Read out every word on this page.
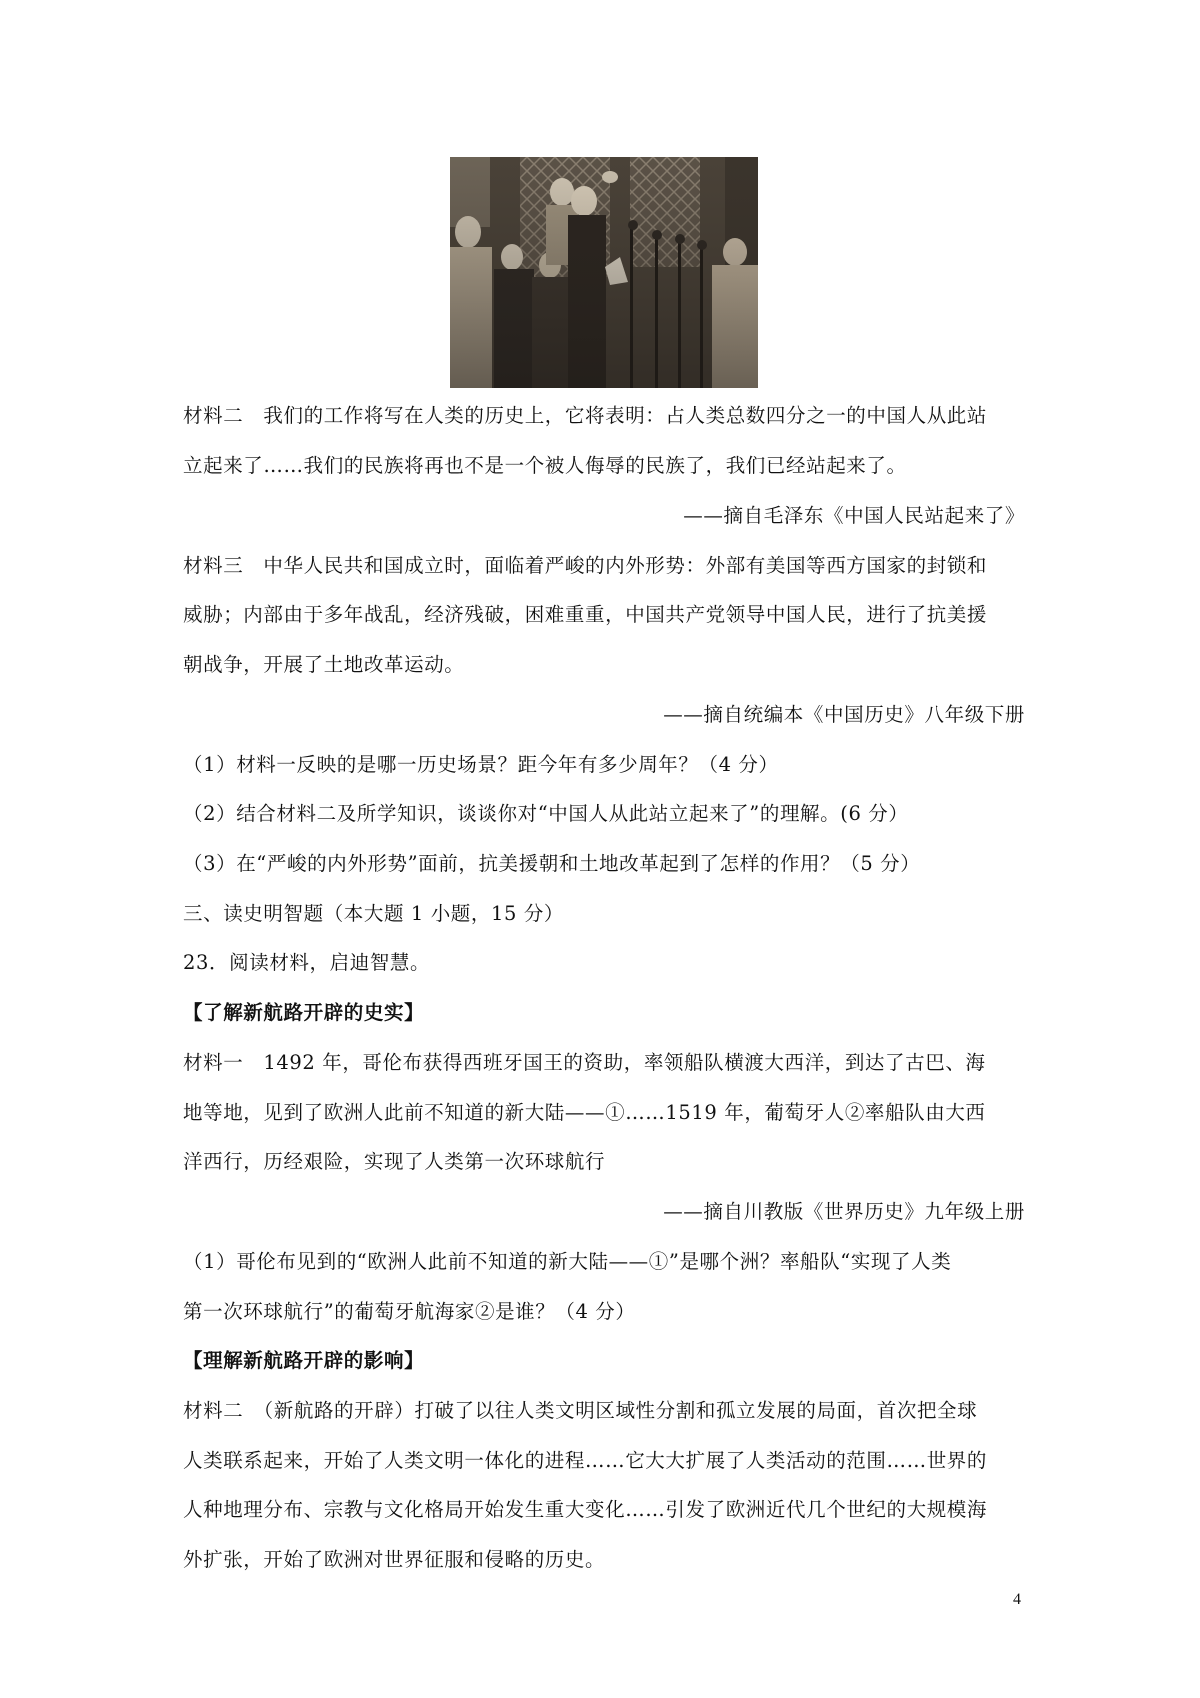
材料二　我们的工作将写在人类的历史上，它将表明：占人类总数四分之一的中国人从此站
立起来了……我们的民族将再也不是一个被人侮辱的民族了，我们已经站起来了。
——摘自毛泽东《中国人民站起来了》
材料三　中华人民共和国成立时，面临着严峻的内外形势：外部有美国等西方国家的封锁和
威胁；内部由于多年战乱，经济残破，困难重重，中国共产党领导中国人民，进行了抗美援
朝战争，开展了土地改革运动。
——摘自统编本《中国历史》八年级下册
（1）材料一反映的是哪一历史场景？距今年有多少周年？（4 分）
（2）结合材料二及所学知识，谈谈你对“中国人从此站立起来了”的理解。(6 分）
（3）在“严峻的内外形势”面前，抗美援朝和土地改革起到了怎样的作用？（5 分）
三、读史明智题（本大题 1 小题，15 分）
23．阅读材料，启迪智慧。
【了解新航路开辟的史实】
材料一　1492 年，哥伦布获得西班牙国王的资助，率领船队横渡大西洋，到达了古巴、海
地等地，见到了欧洲人此前不知道的新大陆——①……1519 年，葡萄牙人②率船队由大西
洋西行，历经艰险，实现了人类第一次环球航行
——摘自川教版《世界历史》九年级上册
（1）哥伦布见到的“欧洲人此前不知道的新大陆——①”是哪个洲？率船队“实现了人类
第一次环球航行”的葡萄牙航海家②是谁？（4 分）
【理解新航路开辟的影响】
材料二　（新航路的开辟）打破了以往人类文明区域性分割和孤立发展的局面，首次把全球
人类联系起来，开始了人类文明一体化的进程……它大大扩展了人类活动的范围……世界的
人种地理分布、宗教与文化格局开始发生重大变化……引发了欧洲近代几个世纪的大规模海
外扩张，开始了欧洲对世界征服和侵略的历史。
4
